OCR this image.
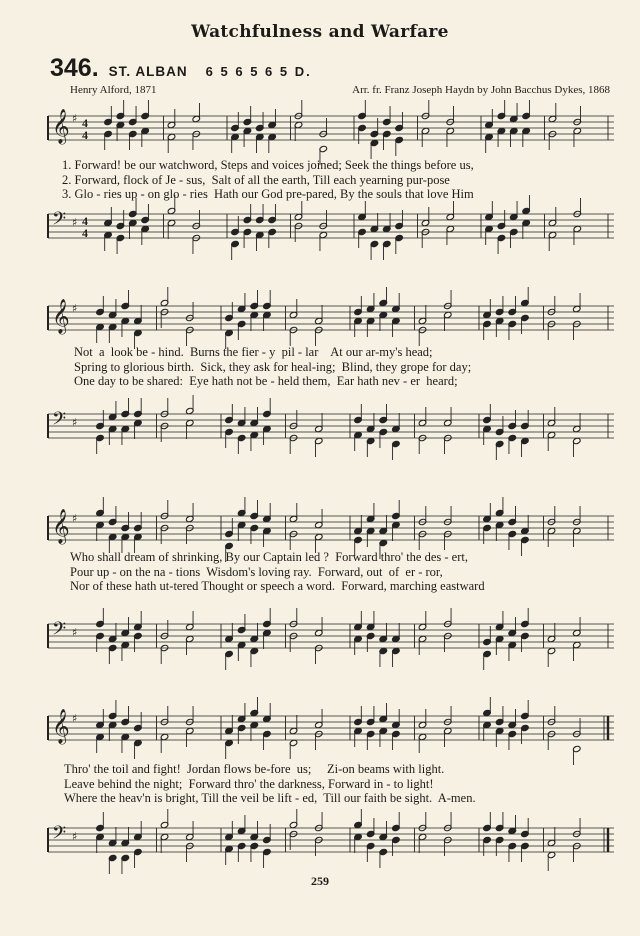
Watchfulness and Warfare
346. ST. ALBAN 6 5 6 5 6 5 D.
Henry Alford, 1871	Arr. fr. Franz Joseph Haydn by John Bacchus Dykes, 1868
𝄞 ♯ 4
4
1. Forward! be our watchword, Steps and voices joined; Seek the things before us,
2. Forward, flock of Je - sus,  Salt of all the earth, Till each yearning pur-pose
3. Glo - ries up - on glo - ries  Hath our God pre-pared, By the souls that love Him
𝄢 ♯ 4
4
𝄞 ♯
Not  a  look be - hind.  Burns the fier - y  pil - lar    At our ar-my's head;
Spring to glorious birth.  Sick, they ask for heal-ing;  Blind, they grope for day;
One day to be shared:  Eye hath not be - held them,  Ear hath nev - er  heard;
𝄢 ♯
𝄞 ♯
Who shall dream of shrinking, By our Captain led ?  Forward thro' the des - ert,
Pour up - on the na - tions  Wisdom's loving ray.  Forward, out  of  er - ror,
Nor of these hath ut-tered Thought or speech a word.  Forward, marching eastward
𝄢 ♯
𝄞 ♯
Thro' the toil and fight!  Jordan flows be-fore  us;     Zi-on beams with light.
Leave behind the night;  Forward thro' the darkness, Forward in - to light!
Where the heav'n is bright, Till the veil be lift - ed,  Till our faith be sight.  A-men.
𝄢 ♯
259
